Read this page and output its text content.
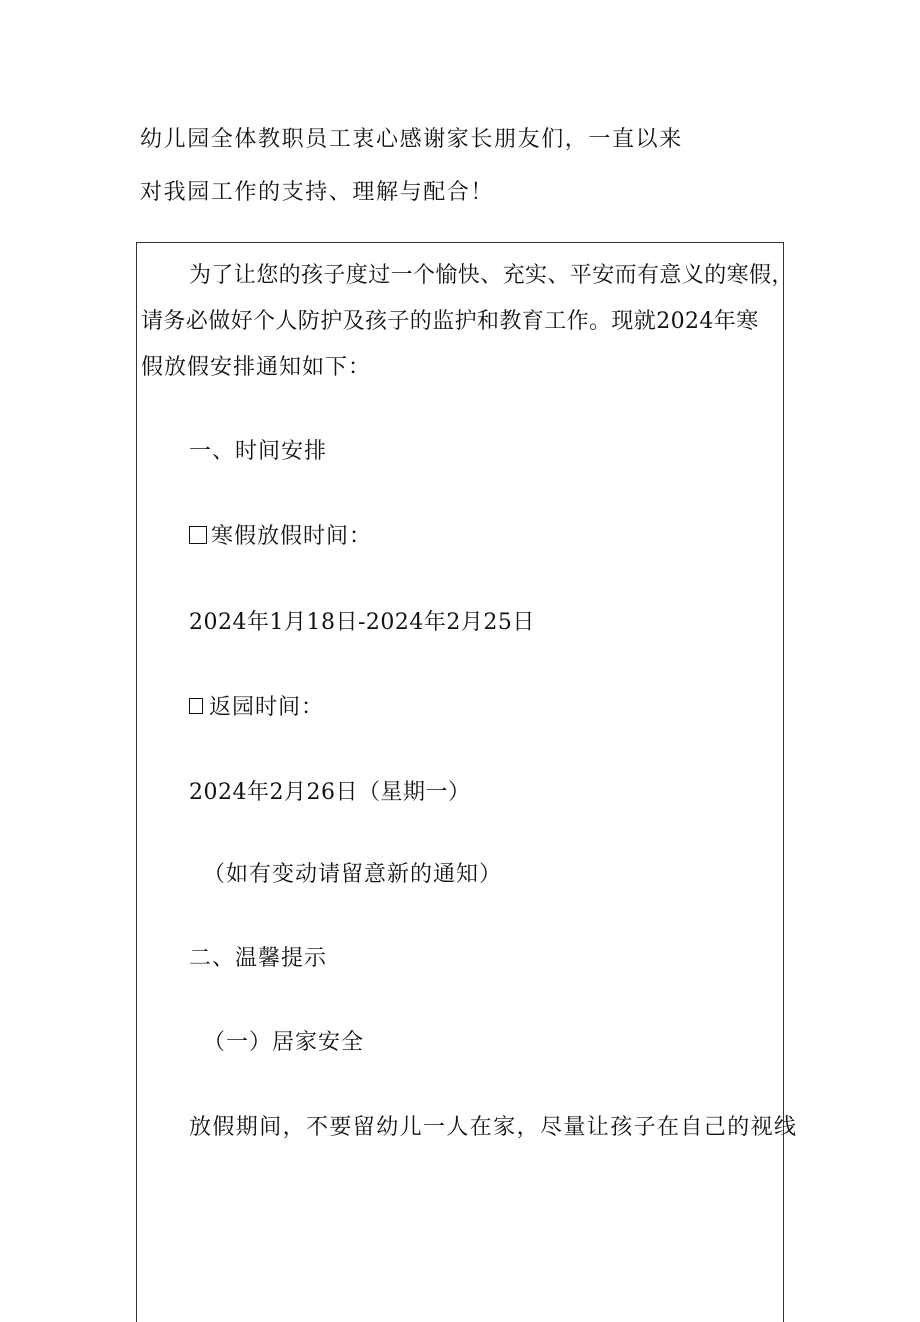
幼儿园全体教职员工衷心感谢家长朋友们，一直以来
对我园工作的支持、理解与配合！
为了让您的孩子度过一个愉快、充实、平安而有意义的寒假，
请务必做好个人防护及孩子的监护和教育工作。现就2024年寒
假放假安排通知如下：
一、时间安排
寒假放假时间：
2024年1月18日-2024年2月25日
返园时间：
2024年2月26日（星期一）
（如有变动请留意新的通知）
二、温馨提示
（一）居家安全
放假期间，不要留幼儿一人在家，尽量让孩子在自己的视线
